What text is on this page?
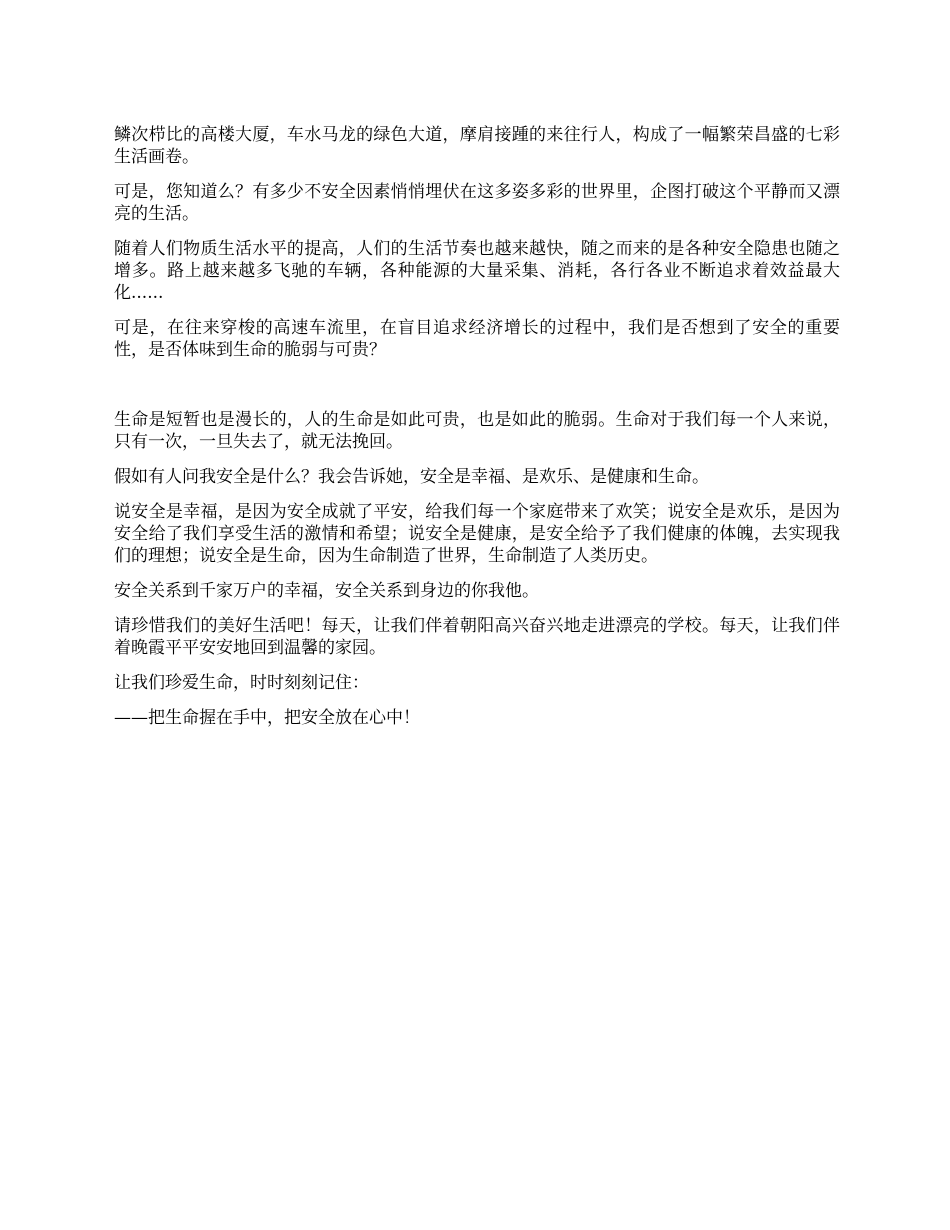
鳞次栉比的高楼大厦，车水马龙的绿色大道，摩肩接踵的来往行人，构成了一幅繁荣昌盛的七彩生活画卷。

可是，您知道么？有多少不安全因素悄悄埋伏在这多姿多彩的世界里，企图打破这个平静而又漂亮的生活。

随着人们物质生活水平的提高，人们的生活节奏也越来越快，随之而来的是各种安全隐患也随之增多。路上越来越多飞驰的车辆，各种能源的大量采集、消耗，各行各业不断追求着效益最大化......

可是，在往来穿梭的高速车流里，在盲目追求经济增长的过程中，我们是否想到了安全的重要性，是否体味到生命的脆弱与可贵？

生命是短暂也是漫长的，人的生命是如此可贵，也是如此的脆弱。生命对于我们每一个人来说，只有一次，一旦失去了，就无法挽回。

假如有人问我安全是什么？我会告诉她，安全是幸福、是欢乐、是健康和生命。

说安全是幸福，是因为安全成就了平安，给我们每一个家庭带来了欢笑；说安全是欢乐，是因为安全给了我们享受生活的激情和希望；说安全是健康，是安全给予了我们健康的体魄，去实现我们的理想；说安全是生命，因为生命制造了世界，生命制造了人类历史。

安全关系到千家万户的幸福，安全关系到身边的你我他。

请珍惜我们的美好生活吧！每天，让我们伴着朝阳高兴奋兴地走进漂亮的学校。每天，让我们伴着晚霞平平安安地回到温馨的家园。

让我们珍爱生命，时时刻刻记住：

——把生命握在手中，把安全放在心中！
